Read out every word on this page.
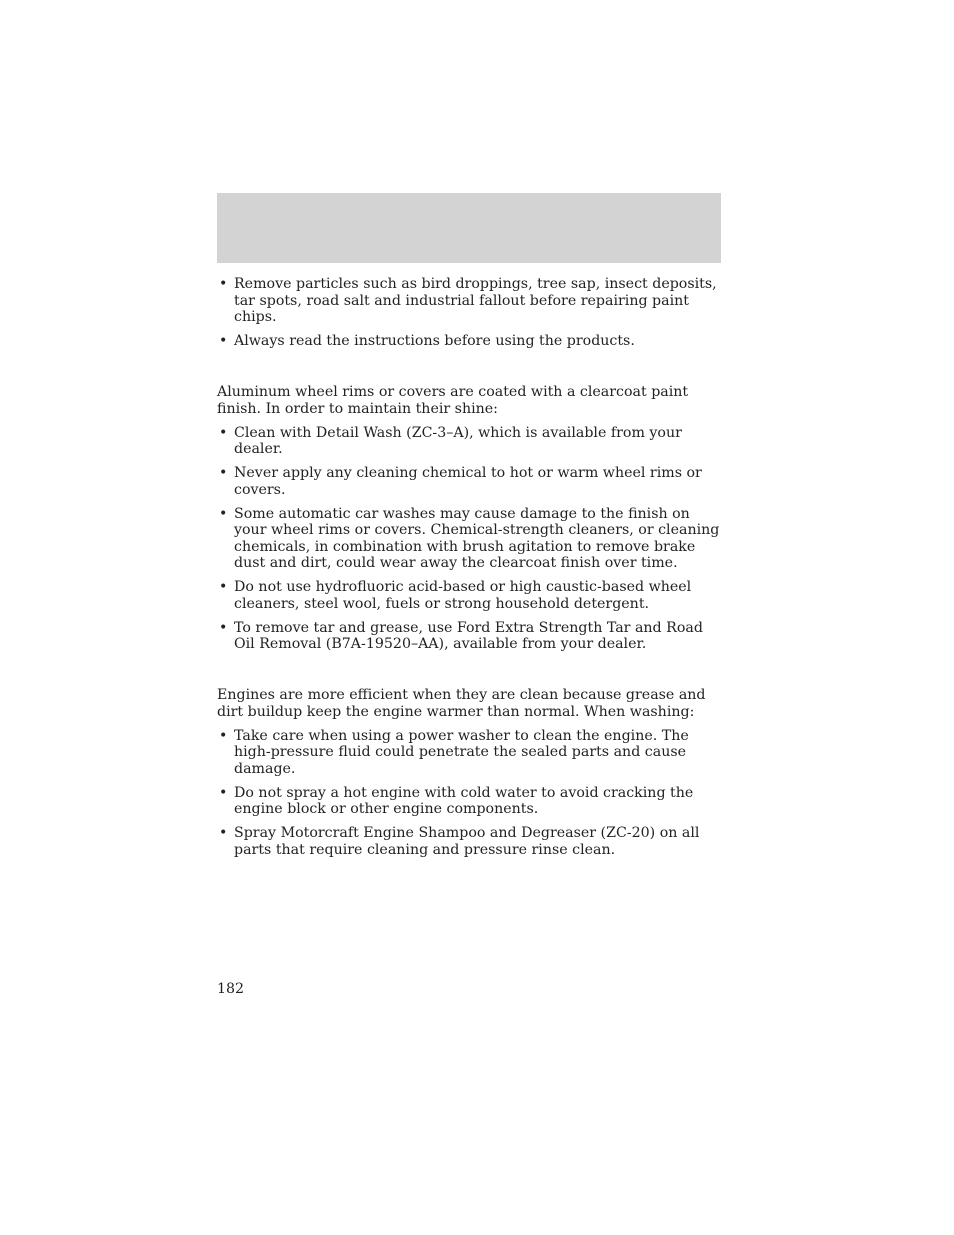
• Remove particles such as bird droppings, tree sap, insect deposits, tar spots, road salt and industrial fallout before repairing paint chips.
• Always read the instructions before using the products.

Aluminum wheel rims or covers are coated with a clearcoat paint finish. In order to maintain their shine:

• Clean with Detail Wash (ZC-3–A), which is available from your dealer.
• Never apply any cleaning chemical to hot or warm wheel rims or covers.
• Some automatic car washes may cause damage to the finish on your wheel rims or covers. Chemical-strength cleaners, or cleaning chemicals, in combination with brush agitation to remove brake dust and dirt, could wear away the clearcoat finish over time.
• Do not use hydrofluoric acid-based or high caustic-based wheel cleaners, steel wool, fuels or strong household detergent.
• To remove tar and grease, use Ford Extra Strength Tar and Road Oil Removal (B7A-19520–AA), available from your dealer.

Engines are more efficient when they are clean because grease and dirt buildup keep the engine warmer than normal. When washing:

• Take care when using a power washer to clean the engine. The high-pressure fluid could penetrate the sealed parts and cause damage.
• Do not spray a hot engine with cold water to avoid cracking the engine block or other engine components.
• Spray Motorcraft Engine Shampoo and Degreaser (ZC-20) on all parts that require cleaning and pressure rinse clean.
182
